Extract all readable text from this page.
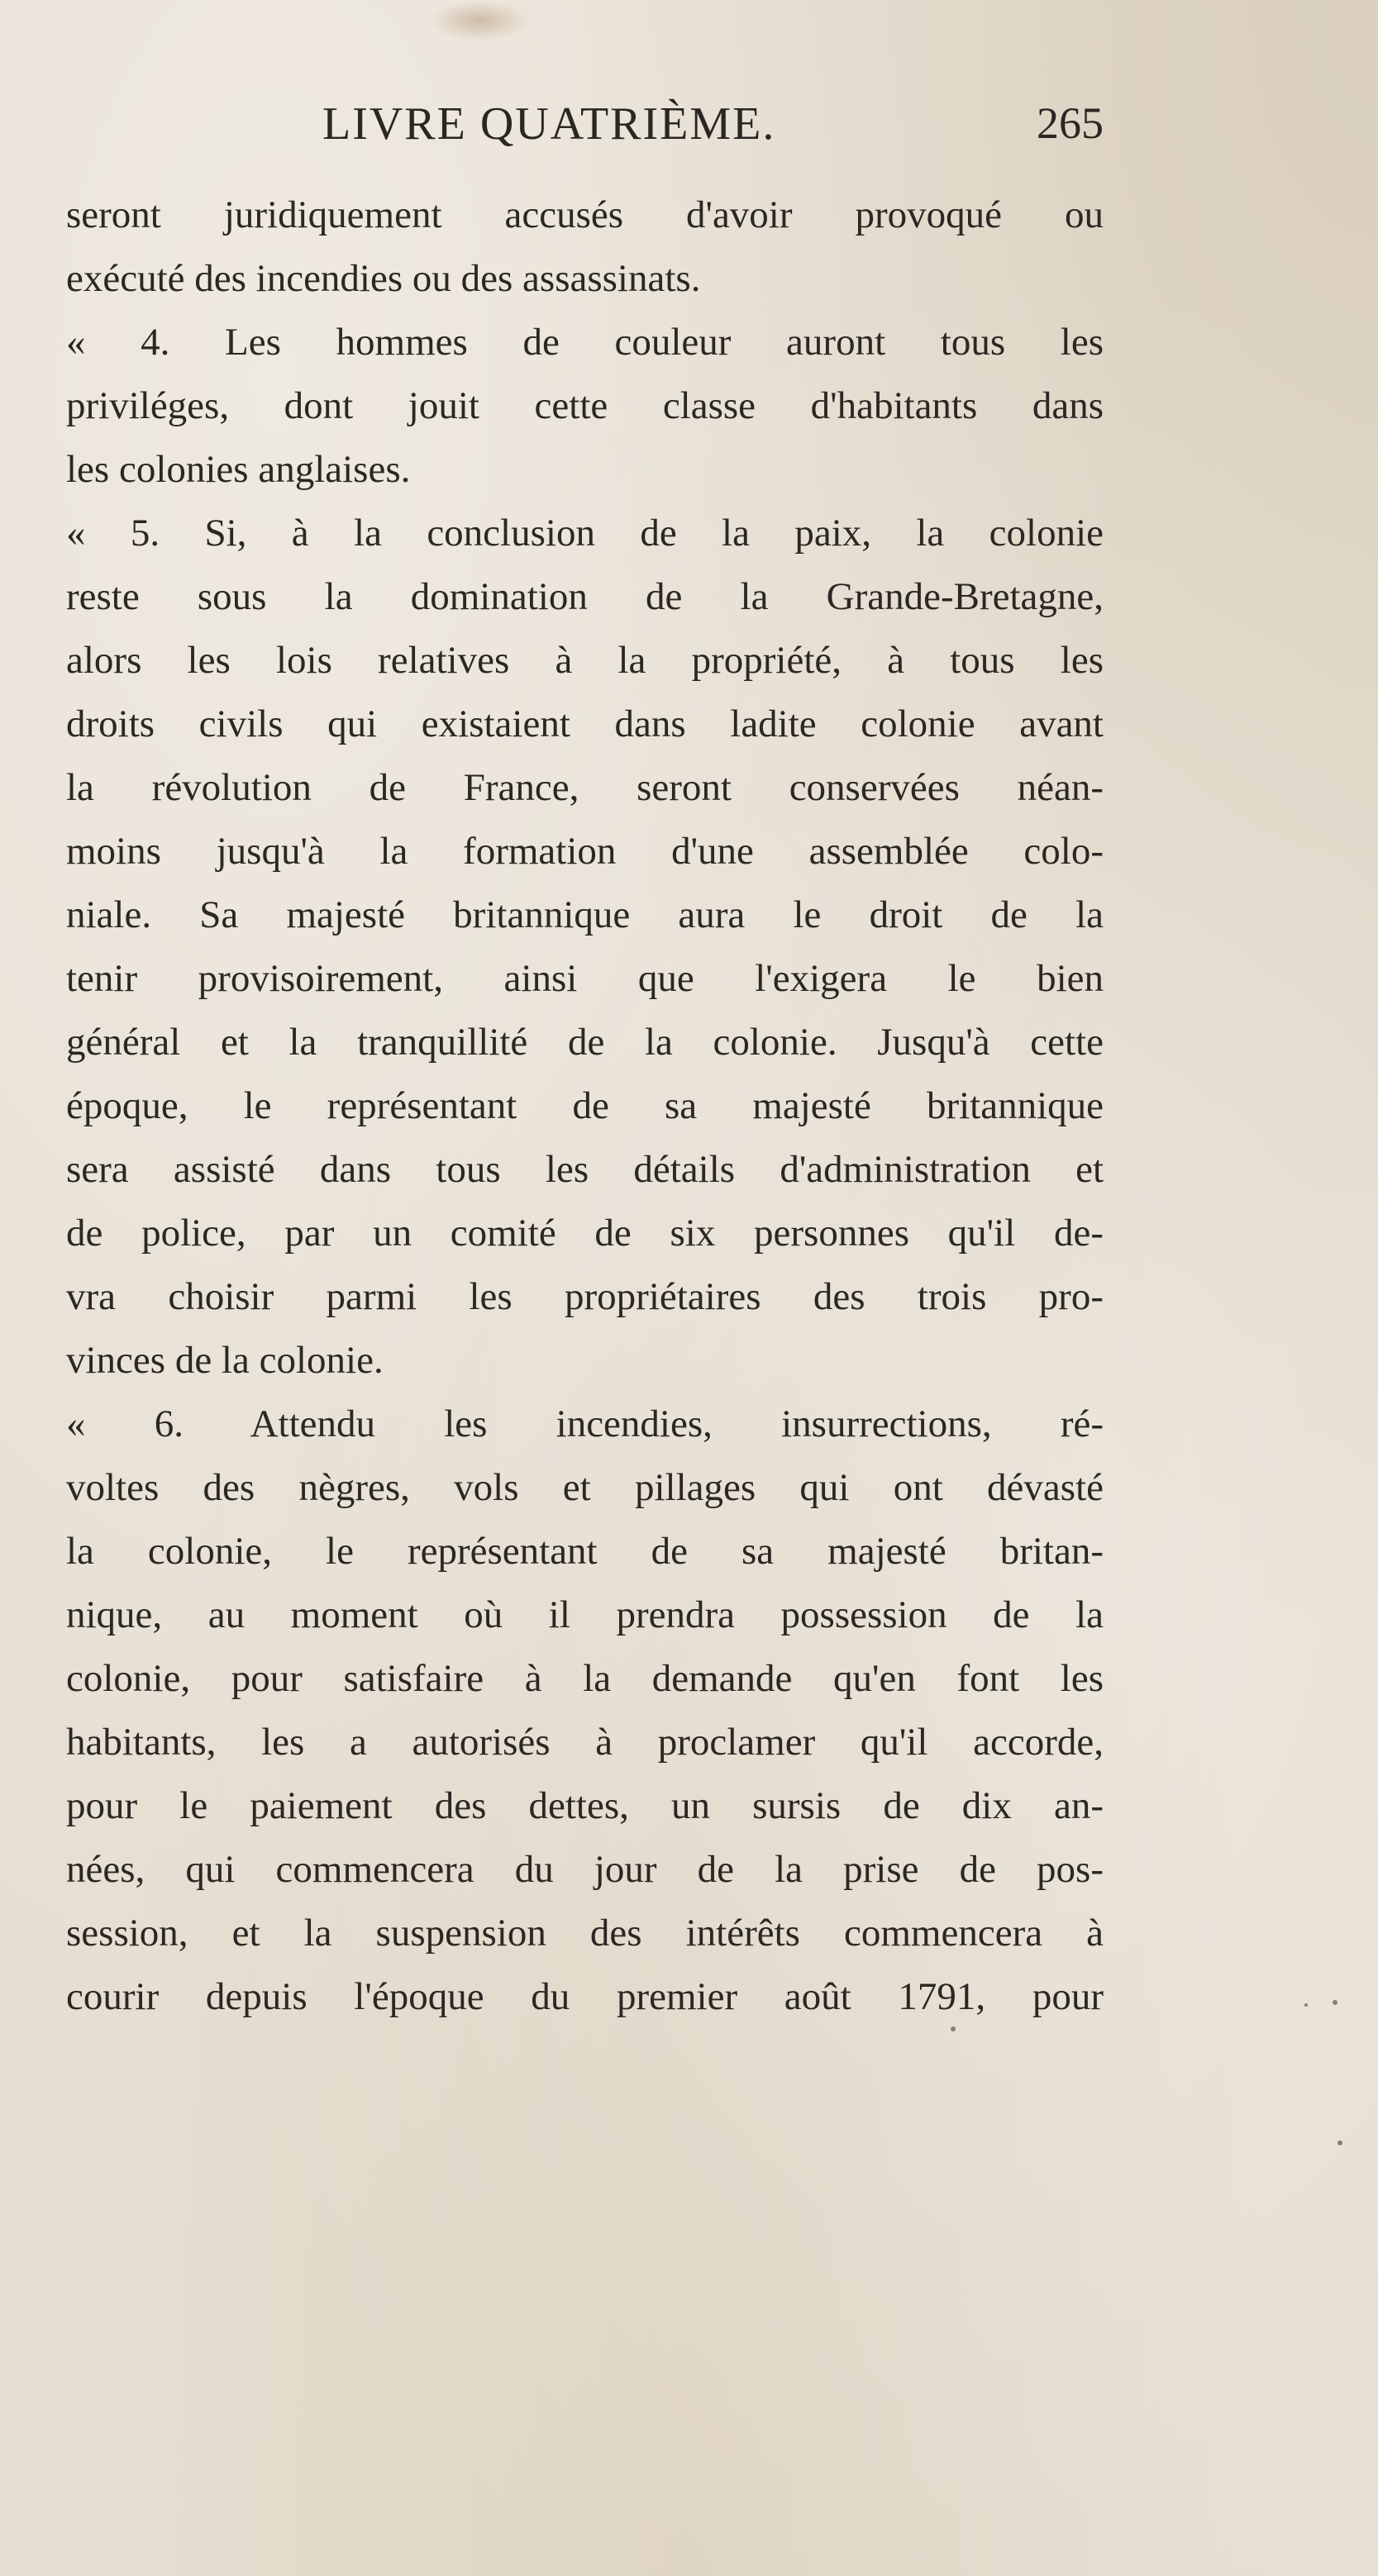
LIVRE QUATRIÈME.	265
seront juridiquement accusés d'avoir provoqué ou
exécuté des incendies ou des assassinats.
« 4. Les hommes de couleur auront tous les
priviléges, dont jouit cette classe d'habitants dans
les colonies anglaises.
« 5. Si, à la conclusion de la paix, la colonie
reste sous la domination de la Grande-Bretagne,
alors les lois relatives à la propriété, à tous les
droits civils qui existaient dans ladite colonie avant
la révolution de France, seront conservées néan-
moins jusqu'à la formation d'une assemblée colo-
niale. Sa majesté britannique aura le droit de la
tenir provisoirement, ainsi que l'exigera le bien
général et la tranquillité de la colonie. Jusqu'à cette
époque, le représentant de sa majesté britannique
sera assisté dans tous les détails d'administration et
de police, par un comité de six personnes qu'il de-
vra choisir parmi les propriétaires des trois pro-
vinces de la colonie.
« 6. Attendu les incendies, insurrections, ré-
voltes des nègres, vols et pillages qui ont dévasté
la colonie, le représentant de sa majesté britan-
nique, au moment où il prendra possession de la
colonie, pour satisfaire à la demande qu'en font les
habitants, les a autorisés à proclamer qu'il accorde,
pour le paiement des dettes, un sursis de dix an-
nées, qui commencera du jour de la prise de pos-
session, et la suspension des intérêts commencera à
courir depuis l'époque du premier août 1791, pour
